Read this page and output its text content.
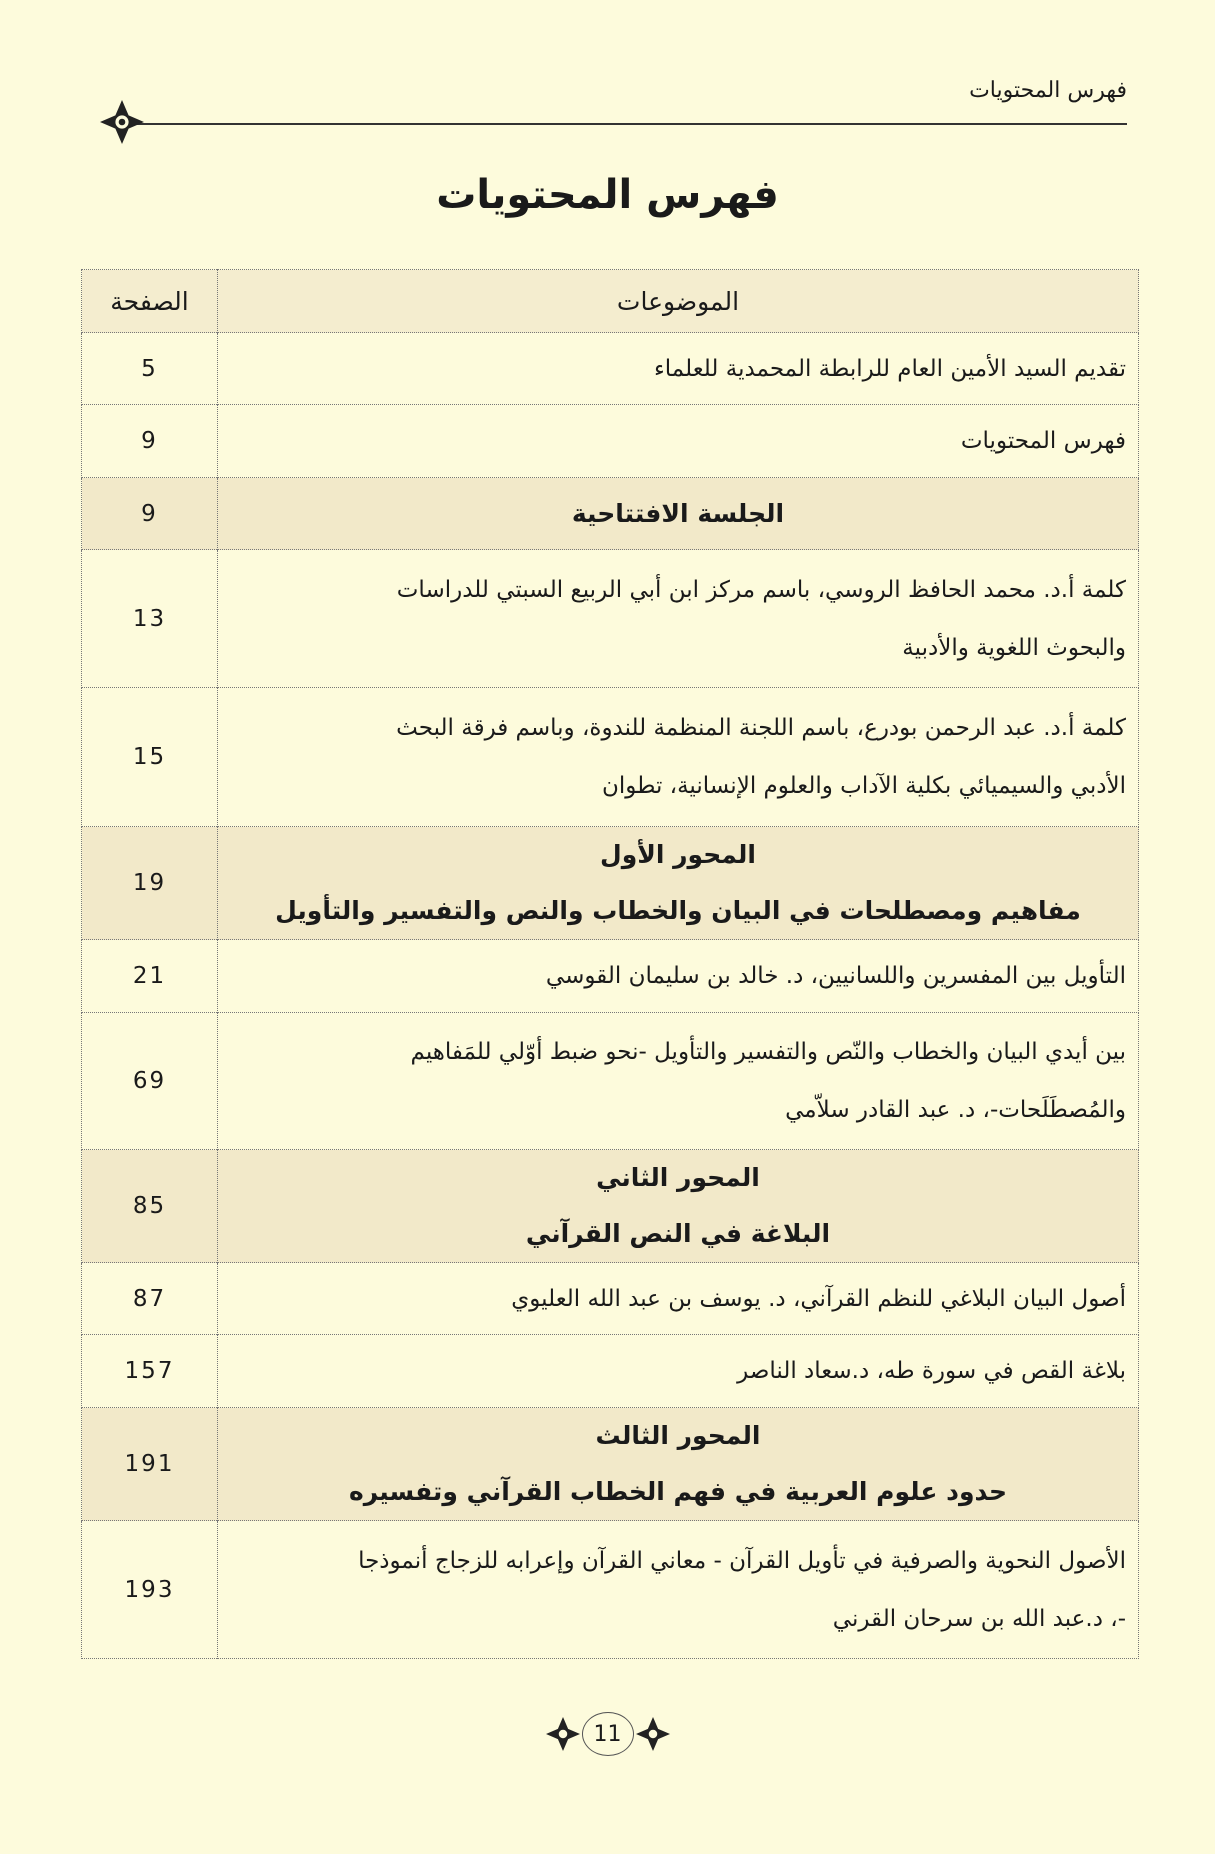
فهرس المحتويات
فهرس المحتويات
الموضوعات	الصفحة

تقديم السيد الأمين العام للرابطة المحمدية للعلماء	5

فهرس المحتويات	9

الجلسة الافتتاحية	9

كلمة أ.د. محمد الحافظ الروسي، باسم مركز ابن أبي الربيع السبتي للدراسات
والبحوث اللغوية والأدبية	13

كلمة أ.د. عبد الرحمن بودرع، باسم اللجنة المنظمة للندوة، وباسم فرقة البحث
الأدبي والسيميائي بكلية الآداب والعلوم الإنسانية، تطوان	15

المحور الأول
مفاهيم ومصطلحات في البيان والخطاب والنص والتفسير والتأويل	19

التأويل بين المفسرين واللسانيين، د. خالد بن سليمان القوسي	21

بين أيدي البيان والخطاب والنّص والتفسير والتأويل -نحو ضبط أوّلي للمَفاهيم
والمُصطَلَحات-، د. عبد القادر سلاّمي	69

المحور الثاني
البلاغة في النص القرآني	85

أصول البيان البلاغي للنظم القرآني، د. يوسف بن عبد الله العليوي	87

بلاغة القص في سورة طه، د.سعاد الناصر	157

المحور الثالث
حدود علوم العربية في فهم الخطاب القرآني وتفسيره	191

الأصول النحوية والصرفية في تأويل القرآن - معاني القرآن وإعرابه للزجاج أنموذجا
-، د.عبد الله بن سرحان القرني	193
11
